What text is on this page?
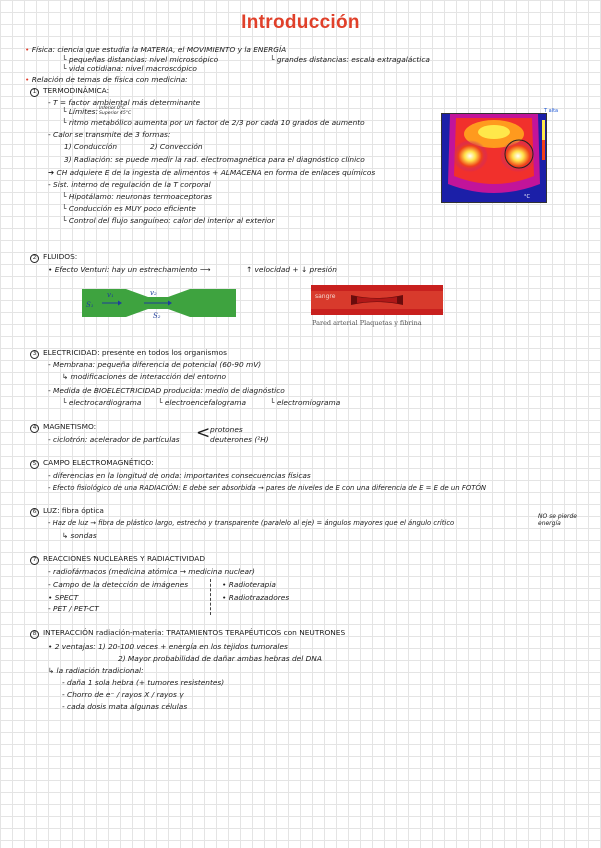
Introducción
• Física: ciencia que estudia la MATERIA, el MOVIMIENTO y la ENERGÍA
└ pequeñas distancias: nivel microscópico	└ grandes distancias: escala extragaláctica
└ vida cotidiana: nivel macroscópico
• Relación de temas de física con medicina:
1 TERMODINÁMICA:
- T = factor ambiental más determinante
└ Límites: Inferior 0°C
Superior 45°C
└ ritmo metabólico aumenta por un factor de 2/3 por cada 10 grados de aumento
- Calor se transmite de 3 formas:
1) Conducción	2) Convección
3) Radiación: se puede medir la rad. electromagnética para el diagnóstico clínico
➔ CH adquiere E de la ingesta de alimentos + ALMACENA en forma de enlaces químicos
- Sist. interno de regulación de la T corporal
└ Hipotálamo: neuronas termoaceptoras
└ Conducción es MUY poco eficiente
└ Control del flujo sanguíneo: calor del interior al exterior
°C
T alta
2 FLUIDOS:
• Efecto Venturi: hay un estrechamiento ⟶	↑ velocidad + ↓ presión
v₁	v₂
S₁
S₂
sangre
Pared arterial Plaquetas y fibrina
3 ELECTRICIDAD: presente en todos los organismos
- Membrana: pequeña diferencia de potencial (60-90 mV)
↳ modificaciones de interacción del entorno
- Medida de BIOELECTRICIDAD producida: medio de diagnóstico
└ electrocardiograma └ electroencefalograma	└ electromiograma
4 MAGNETISMO:
- ciclotrón: acelerador de partículas < protones
deuterones (²H)
5 CAMPO ELECTROMAGNÉTICO:
- diferencias en la longitud de onda: importantes consecuencias físicas
- Efecto fisiológico de una RADIACIÓN: E debe ser absorbida → pares de niveles de E con una diferencia de E = E de un FOTÓN
6 LUZ: fibra óptica
- Haz de luz → fibra de plástico largo, estrecho y transparente (paralelo al eje) = ángulos mayores que el ángulo crítico
NO se pierde energía
↳ sondas
7 REACCIONES NUCLEARES Y RADIACTIVIDAD
- radiofármacos (medicina atómica → medicina nuclear)
- Campo de la detección de imágenes
• SPECT
- PET / PET-CT
• Radioterapia
• Radiotrazadores
8 INTERACCIÓN radiación-materia: TRATAMIENTOS TERAPÉUTICOS con NEUTRONES
• 2 ventajas: 1) 20-100 veces + energía en los tejidos tumorales
2) Mayor probabilidad de dañar ambas hebras del DNA
↳ la radiación tradicional:
- daña 1 sola hebra (+ tumores resistentes)
- Chorro de e⁻ / rayos X / rayos γ
- cada dosis mata algunas células
